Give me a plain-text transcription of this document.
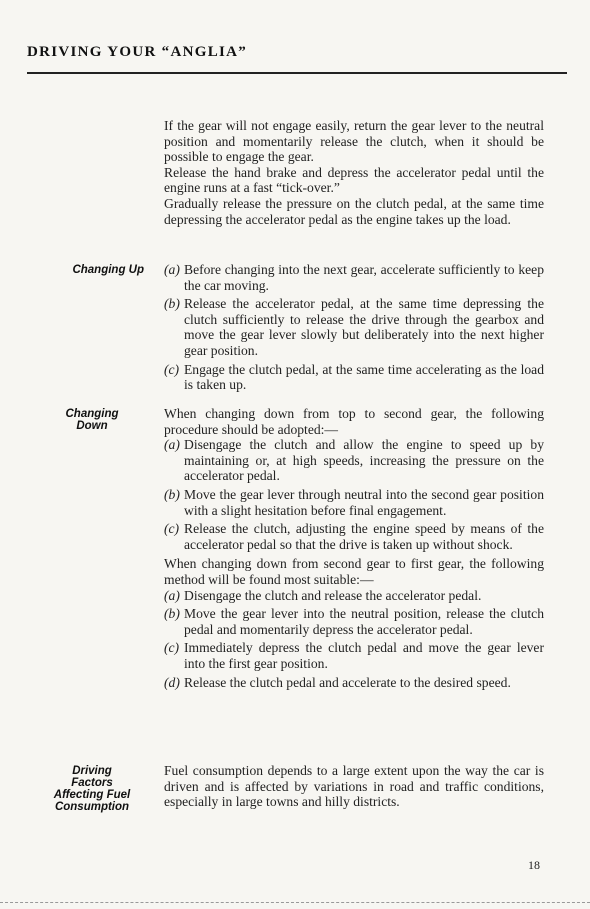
DRIVING YOUR “ANGLIA”

If the gear will not engage easily, return the gear lever to the neutral position and momentarily release the clutch, when it should be possible to engage the gear.

Release the hand brake and depress the accelerator pedal until the engine runs at a fast “tick-over.”

Gradually release the pressure on the clutch pedal, at the same time depressing the accelerator pedal as the engine takes up the load.

Changing Up (a) Before changing into the next gear, accelerate sufficiently to keep the car moving.
(b) Release the accelerator pedal, at the same time depressing the clutch sufficiently to release the drive through the gearbox and move the gear lever slowly but deliberately into the next higher gear position.
(c) Engage the clutch pedal, at the same time accelerating as the load is taken up.
Changing
Down

When changing down from top to second gear, the following procedure should be adopted:—

(a) Disengage the clutch and allow the engine to speed up by maintaining or, at high speeds, increasing the pressure on the accelerator pedal.
(b) Move the gear lever through neutral into the second gear position with a slight hesitation before final engagement.
(c) Release the clutch, adjusting the engine speed by means of the accelerator pedal so that the drive is taken up without shock.

When changing down from second gear to first gear, the following method will be found most suitable:—

(a) Disengage the clutch and release the accelerator pedal.
(b) Move the gear lever into the neutral position, release the clutch pedal and momentarily depress the accelerator pedal.
(c) Immediately depress the clutch pedal and move the gear lever into the first gear position.
(d) Release the clutch pedal and accelerate to the desired speed.
Driving
Factors
Affecting Fuel
Consumption

Fuel consumption depends to a large extent upon the way the car is driven and is affected by variations in road and traffic conditions, especially in large towns and hilly districts.

18
